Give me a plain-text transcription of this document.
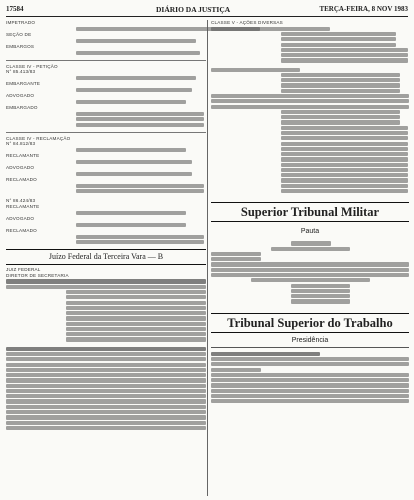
17584	DIÁRIO DA JUSTIÇA	TERÇA-FEIRA, 8 NOV 1983
IMPETRADO
SEÇÃO DE
EMBARGOS
CLASSE IV - PETIÇÃO
N° 85.413/83
EMBARGANTE
ADVOGADO
EMBARGADO
CLASSE IV - RECLAMAÇÃO
N° 84.812/83
RECLAMANTE
ADVOGADO
RECLAMADO
N° 86.424/83
RECLAMANTE
ADVOGADO
RECLAMADO
Juízo Federal da Terceira Vara — B
JUIZ FEDERAL
DIRETOR DE SECRETARIA
CLASSE V - AÇÕES DIVERSAS
Superior Tribunal Militar
Pauta
Tribunal Superior do Trabalho
Presidência
